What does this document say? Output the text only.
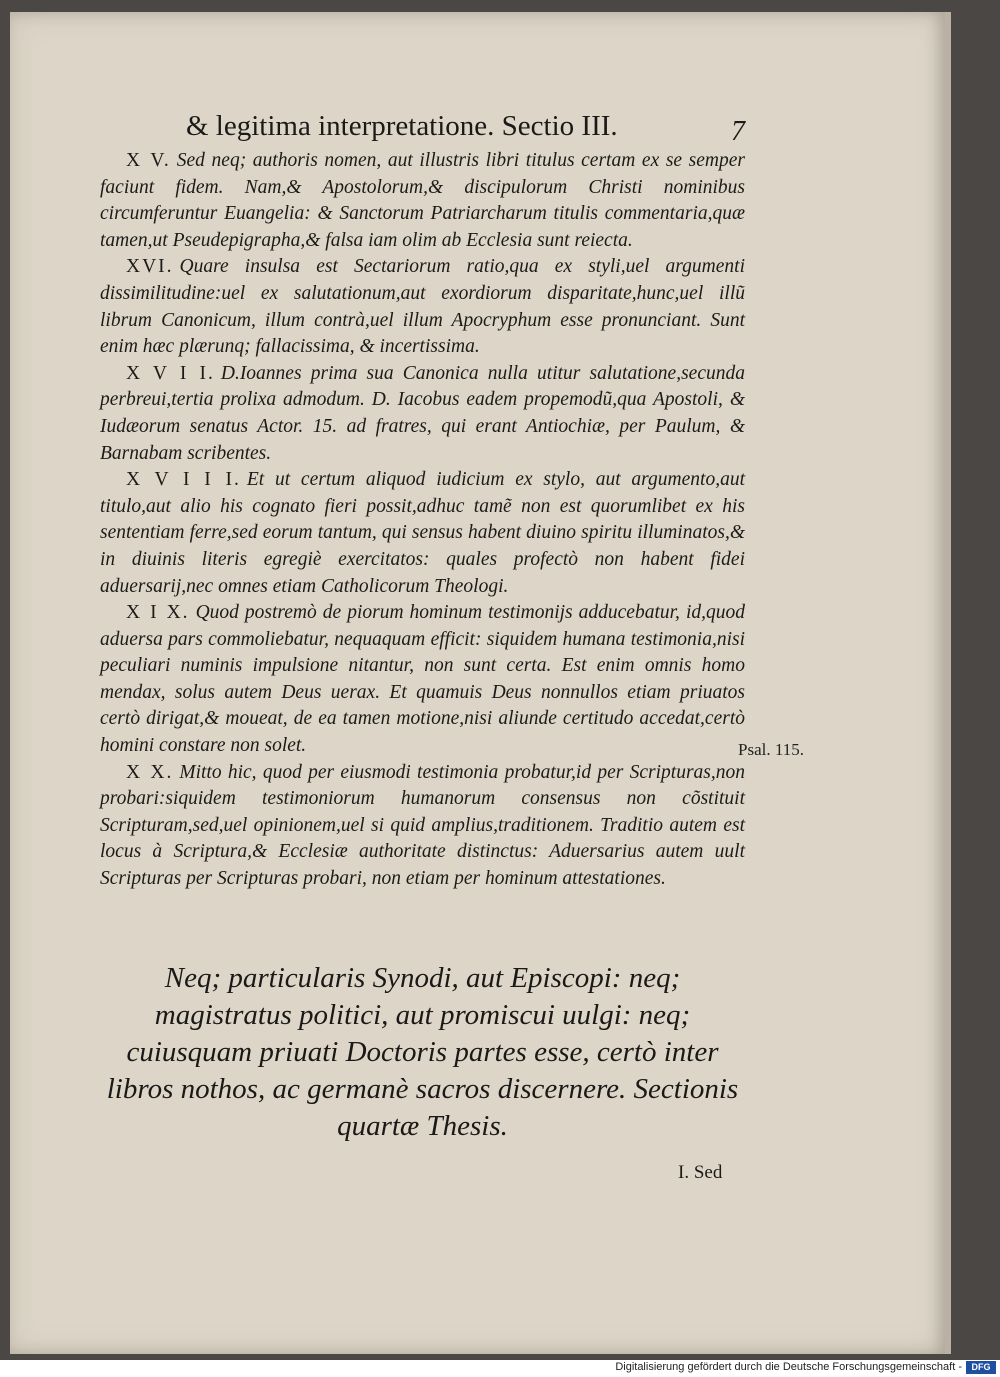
& legitima interpretatione. Sectio III.	7

X V. Sed neq; authoris nomen, aut illustris libri titulus certam ex se semper faciunt fidem. Nam,& Apostolorum,& discipulorum Christi nominibus circumferuntur Euangelia: & Sanctorum Patriarcharum titulis commentaria,quæ tamen,ut Pseudepigrapha,& falsa iam olim ab Ecclesia sunt reiecta.

XVI. Quare insulsa est Sectariorum ratio,qua ex styli,uel argumenti dissimilitudine:uel ex salutationum,aut exordiorum disparitate,hunc,uel illũ librum Canonicum, illum contrà,uel illum Apocryphum esse pronunciant. Sunt enim hæc plærunq; fallacissima, & incertissima.

X V I I. D.Ioannes prima sua Canonica nulla utitur salutatione,secunda perbreui,tertia prolixa admodum. D. Iacobus eadem propemodũ,qua Apostoli, & Iudæorum senatus Actor. 15. ad fratres, qui erant Antiochiæ, per Paulum, & Barnabam scribentes.

X V I I I. Et ut certum aliquod iudicium ex stylo, aut argumento,aut titulo,aut alio his cognato fieri possit,adhuc tamẽ non est quorumlibet ex his sententiam ferre,sed eorum tantum, qui sensus habent diuino spiritu illuminatos,& in diuinis literis egregiè exercitatos: quales profectò non habent fidei aduersarij,nec omnes etiam Catholicorum Theologi.

X I X. Quod postremò de piorum hominum testimonijs adducebatur, id,quod aduersa pars commoliebatur, nequaquam efficit: siquidem humana testimonia,nisi peculiari numinis impulsione nitantur, non sunt certa. Est enim omnis homo mendax, solus autem Deus uerax. Et quamuis Deus nonnullos etiam priuatos certò dirigat,& moueat, de ea tamen motione,nisi aliunde certitudo accedat,certò homini constare non solet.

X X. Mitto hic, quod per eiusmodi testimonia probatur,id per Scripturas,non probari:siquidem testimoniorum humanorum consensus non cõstituit Scripturam,sed,uel opinionem,uel si quid amplius,traditionem. Traditio autem est locus à Scriptura,& Ecclesiæ authoritate distinctus: Aduersarius autem uult Scripturas per Scripturas probari, non etiam per hominum attestationes.

Psal. 115.
Neq; particularis Synodi, aut Episcopi: neq; magistratus politici, aut promiscui uulgi: neq; cuiusquam priuati Doctoris partes esse, certò inter libros nothos, ac germanè sacros discernere. Sectionis quartæ Thesis.
I. Sed
Digitalisierung gefördert durch die Deutsche Forschungsgemeinschaft -	DFG
